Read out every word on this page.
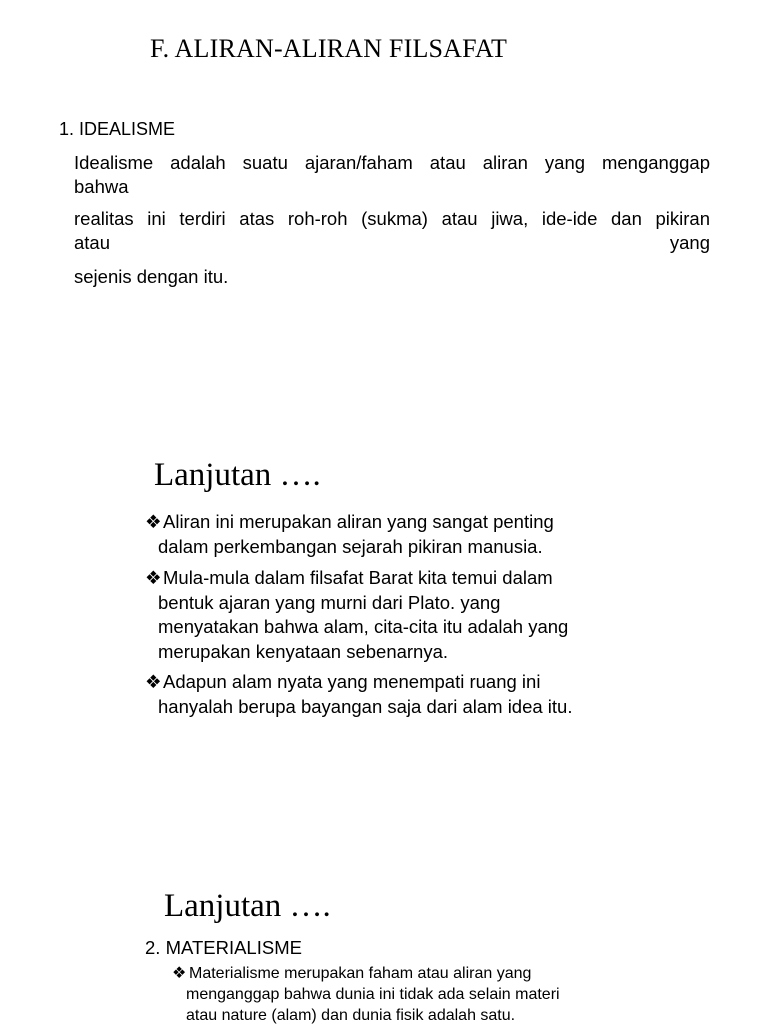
F. ALIRAN-ALIRAN FILSAFAT
1. IDEALISME
Idealisme adalah suatu ajaran/faham atau aliran yang menganggap
bahwa
realitas ini terdiri atas roh-roh (sukma) atau jiwa, ide-ide dan pikiran
atau yang
sejenis dengan itu.
Lanjutan ….
❖Aliran ini merupakan aliran yang sangat penting
dalam perkembangan sejarah pikiran manusia.
❖Mula-mula dalam filsafat Barat kita temui dalam
bentuk ajaran yang murni dari Plato. yang
menyatakan bahwa alam, cita-cita itu adalah yang
merupakan kenyataan sebenarnya.
❖Adapun alam nyata yang menempati ruang ini
hanyalah berupa bayangan saja dari alam idea itu.
Lanjutan ….
2. MATERIALISME
❖ Materialisme merupakan faham atau aliran yang
menganggap bahwa dunia ini tidak ada selain materi
atau nature (alam) dan dunia fisik adalah satu.
